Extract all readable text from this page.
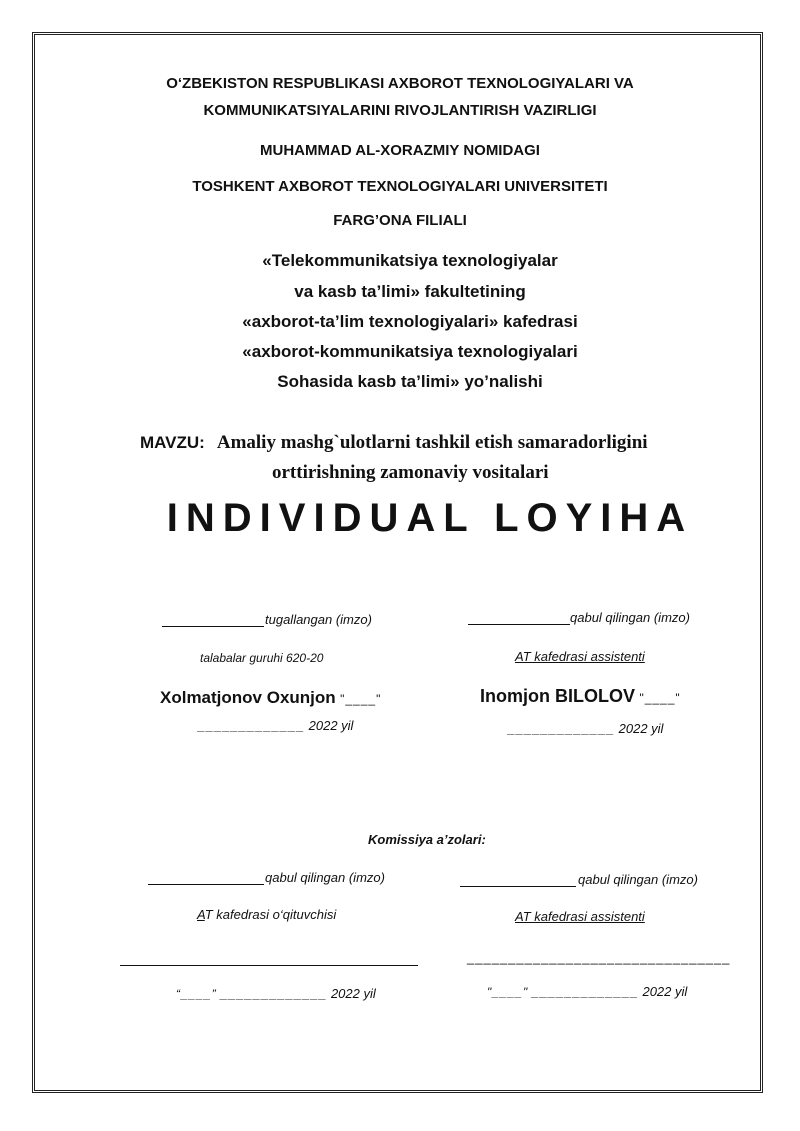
O‘ZBEKISTON RESPUBLIKASI AXBOROT TEXNOLOGIYALARI VA
KOMMUNIKATSIYALARINI RIVOJLANTIRISH VAZIRLIGI
MUHAMMAD AL-XORAZMIY NOMIDAGI
TOSHKENT AXBOROT TEXNOLOGIYALARI UNIVERSITETI
FARG’ONA FILIALI
«Telekommunikatsiya texnologiyalar
va kasb ta’limi» fakultetining
«axborot-ta’lim texnologiyalari» kafedrasi
«axborot-kommunikatsiya texnologiyalari
Sohasida kasb ta’limi» yo’nalishi
MAVZU: Amaliy mashg`ulotlarni tashkil etish samaradorligini
orttirishning zamonaviy vositalari
INDIVIDUAL LOYIHA
tugallangan (imzo)
talabalar guruhi 620-20
Xolmatjonov Oxunjon "____"
_____________ 2022 yil
qabul qilingan (imzo)
AT kafedrasi assistenti
Inomjon BILOLOV "____"
_____________ 2022 yil
Komissiya a’zolari:
qabul qilingan (imzo)
AT kafedrasi o‘qituvchisi
“____” _____________ 2022 yil
qabul qilingan (imzo)
AT kafedrasi assistenti
________________________________
"____" _____________ 2022 yil
